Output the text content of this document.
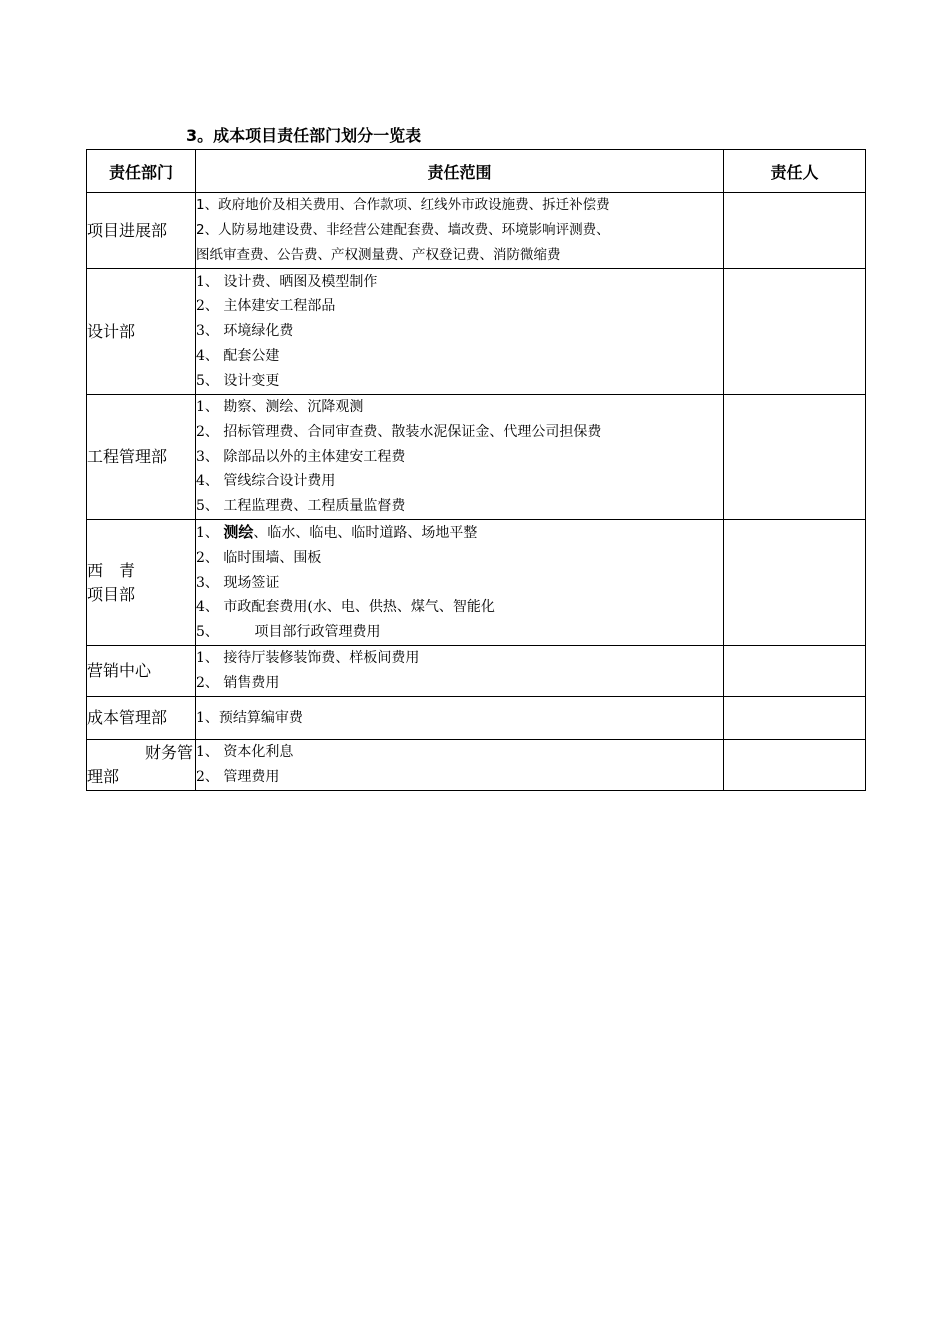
3。成本项目责任部门划分一览表
责任部门	责任范围	责任人
项目进展部	1、政府地价及相关费用、合作款项、红线外市政设施费、拆迁补偿费
2、人防易地建设费、非经营公建配套费、墙改费、环境影响评测费、
图纸审查费、公告费、产权测量费、产权登记费、消防微缩费	

设计部	1、 设计费、晒图及模型制作
2、 主体建安工程部品
3、 环境绿化费
4、 配套公建
5、 设计变更	

工程管理部	1、 勘察、测绘、沉降观测
2、 招标管理费、合同审查费、散装水泥保证金、代理公司担保费
3、 除部品以外的主体建安工程费
4、 管线综合设计费用
5、 工程监理费、工程质量监督费	

西　青
项目部	1、 测绘、临水、临电、临时道路、场地平整
2、 临时围墙、围板
3、 现场签证
4、 市政配套费用(水、电、供热、煤气、智能化
5、        项目部行政管理费用	

营销中心	1、 接待厅装修装饰费、样板间费用
2、 销售费用	

成本管理部	1、预结算编审费	

财务管
理部	1、 资本化利息
2、 管理费用	
